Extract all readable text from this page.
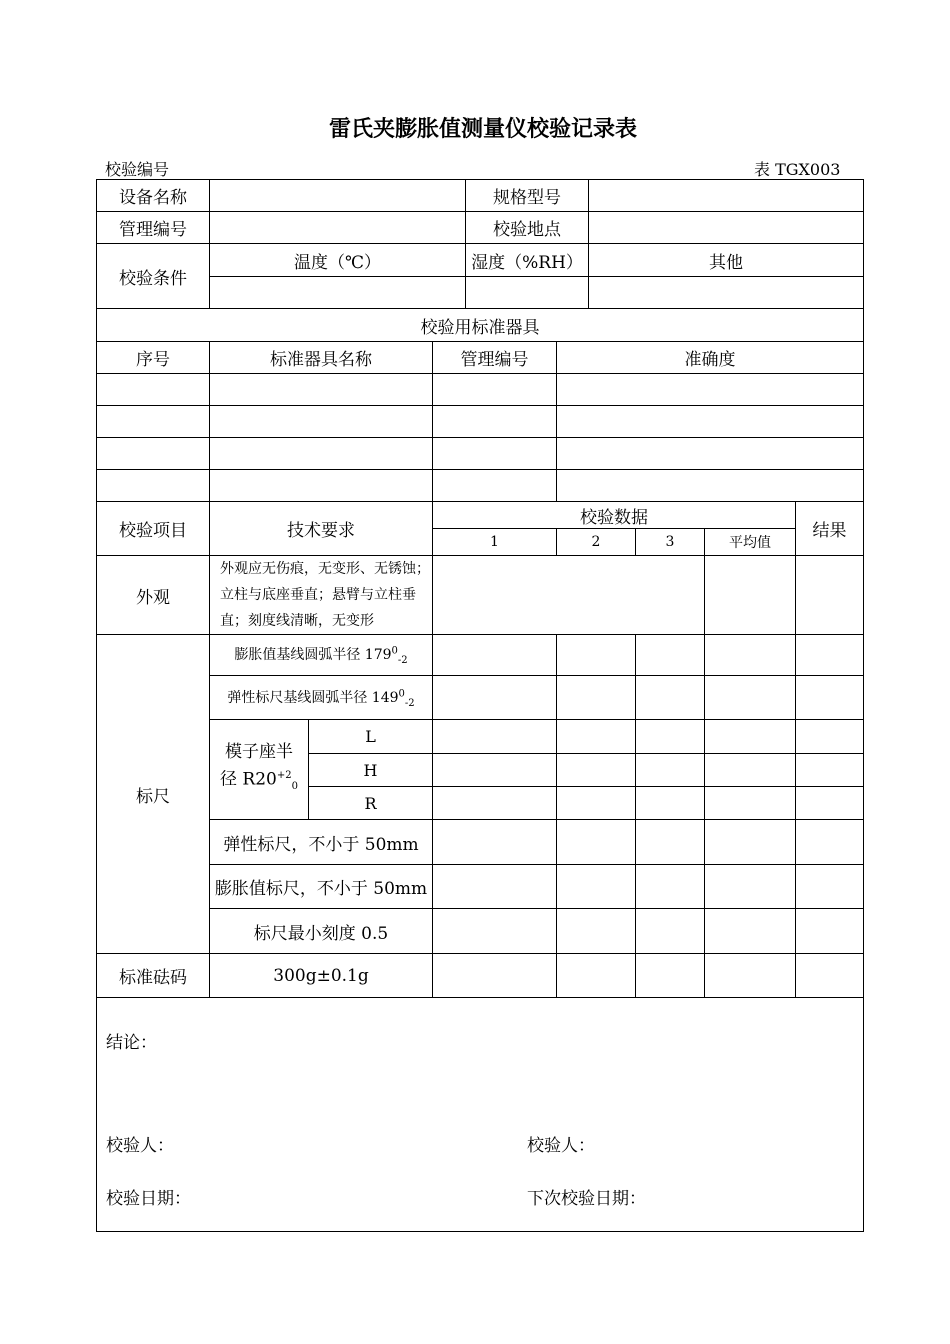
雷氏夹膨胀值测量仪校验记录表
校验编号	表 TGX003
设备名称				规格型号					
管理编号				校验地点					
校验条件	温度（℃）			湿度（%RH）		其他			

校验用标准器具									
序号	标准器具名称		管理编号		准确度				

校验项目	技术要求		校验数据						结果
			1		2		3	平均值	
外观	外观应无伤痕，无变形、无锈蚀；
立柱与底座垂直；悬臂与立柱垂
直；刻度线清晰，无变形								

标尺	膨胀值基线圆弧半径 $179^0_{-2}$					
	弹性标尺基线圆弧半径 $149^0_{-2}$					

	模子座半
径 $R20^{+2}_0$	L							
		H							
		R							
	弹性标尺，不小于 50mm								
	膨胀值标尺，不小于 50mm								
	标尺最小刻度 0.5								
标准砝码	300g±0.1g								

结论：
校验人： 校验人：
校验日期： 下次校验日期：									
